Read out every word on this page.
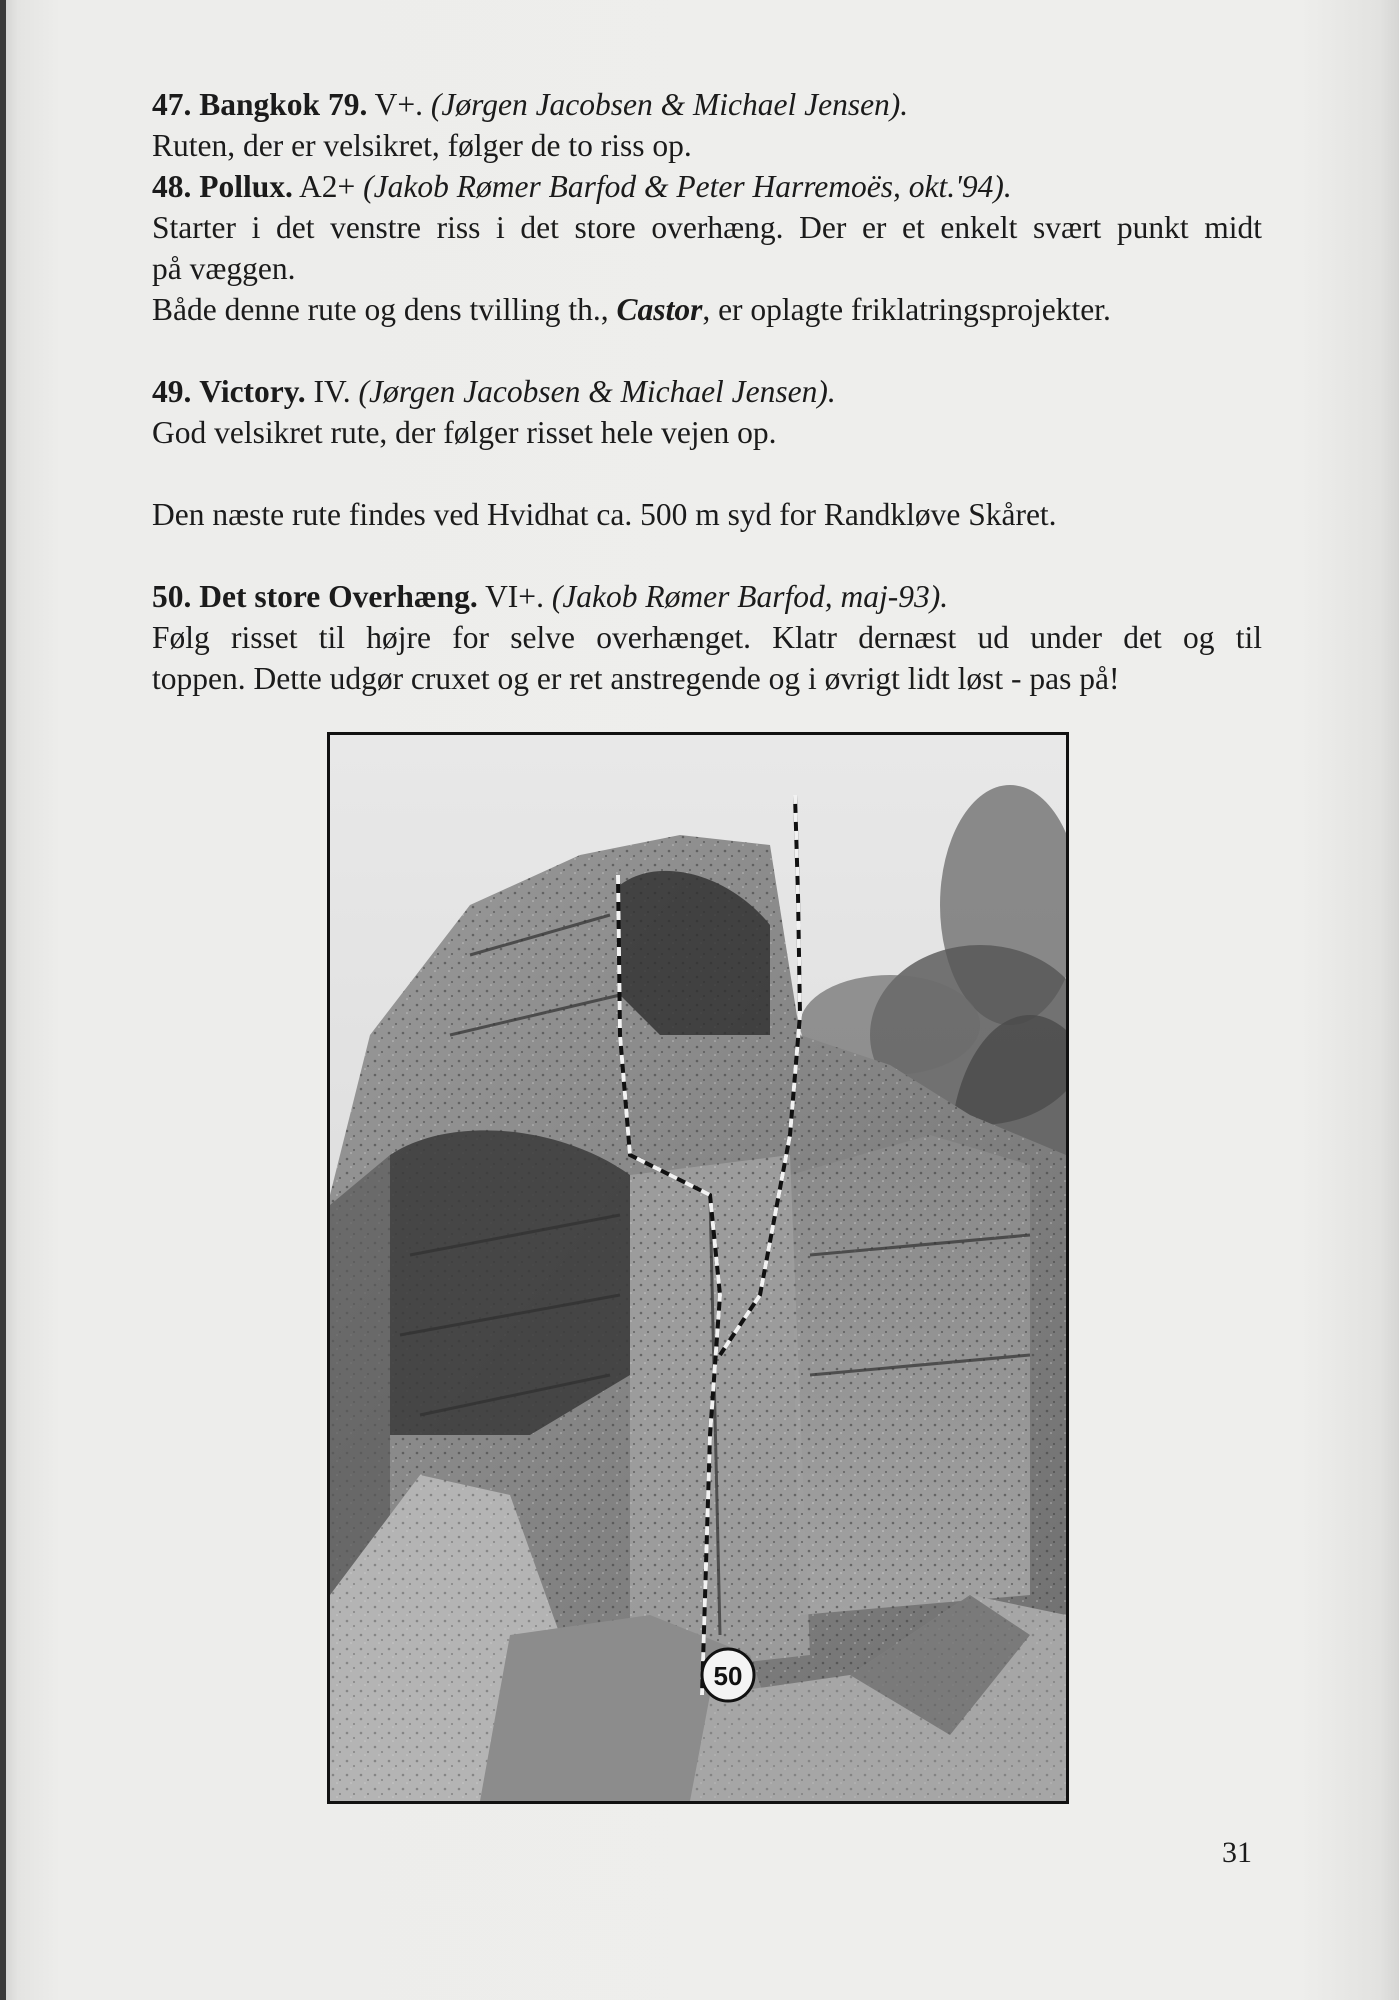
47. Bangkok 79. V+. (Jørgen Jacobsen & Michael Jensen).
Ruten, der er velsikret, følger de to riss op.
48. Pollux. A2+ (Jakob Rømer Barfod & Peter Harremoës, okt.'94).
Starter i det venstre riss i det store overhæng. Der er et enkelt svært punkt midt
på væggen.
Både denne rute og dens tvilling th., Castor, er oplagte friklatringsprojekter.
49. Victory. IV. (Jørgen Jacobsen & Michael Jensen).
God velsikret rute, der følger risset hele vejen op.
Den næste rute findes ved Hvidhat ca. 500 m syd for Randkløve Skåret.
50. Det store Overhæng. VI+. (Jakob Rømer Barfod, maj-93).
Følg risset til højre for selve overhænget. Klatr dernæst ud under det og til
toppen. Dette udgør cruxet og er ret anstregende og i øvrigt lidt løst - pas på!
50
31
